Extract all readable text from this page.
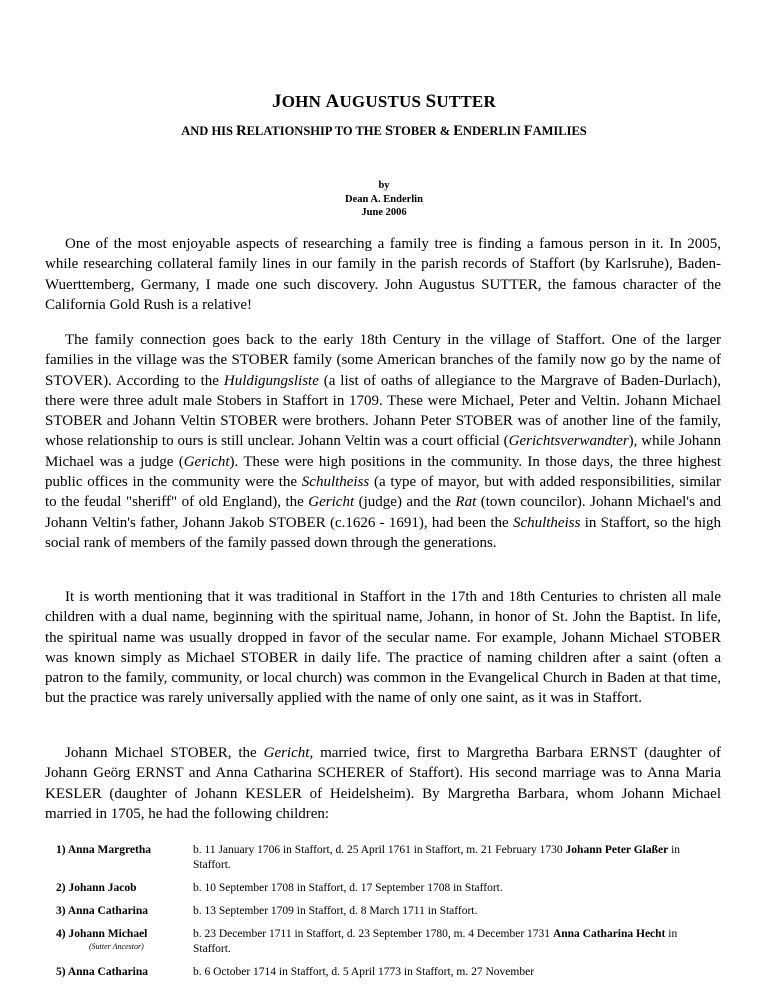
JOHN AUGUSTUS SUTTER
AND HIS RELATIONSHIP TO THE STOBER & ENDERLIN FAMILIES
by
Dean A. Enderlin
June 2006

One of the most enjoyable aspects of researching a family tree is finding a famous person in it. In 2005, while researching collateral family lines in our family in the parish records of Staffort (by Karlsruhe), Baden-Wuerttemberg, Germany, I made one such discovery. John Augustus SUTTER, the famous character of the California Gold Rush is a relative!

The family connection goes back to the early 18th Century in the village of Staffort. One of the larger families in the village was the STOBER family (some American branches of the family now go by the name of STOVER). According to the Huldigungsliste (a list of oaths of allegiance to the Margrave of Baden-Durlach), there were three adult male Stobers in Staffort in 1709. These were Michael, Peter and Veltin. Johann Michael STOBER and Johann Veltin STOBER were brothers. Johann Peter STOBER was of another line of the family, whose relationship to ours is still unclear. Johann Veltin was a court official (Gerichtsverwandter), while Johann Michael was a judge (Gericht). These were high positions in the community. In those days, the three highest public offices in the community were the Schultheiss (a type of mayor, but with added responsibilities, similar to the feudal "sheriff" of old England), the Gericht (judge) and the Rat (town councilor). Johann Michael's and Johann Veltin's father, Johann Jakob STOBER (c.1626 - 1691), had been the Schultheiss in Staffort, so the high social rank of members of the family passed down through the generations.

It is worth mentioning that it was traditional in Staffort in the 17th and 18th Centuries to christen all male children with a dual name, beginning with the spiritual name, Johann, in honor of St. John the Baptist. In life, the spiritual name was usually dropped in favor of the secular name. For example, Johann Michael STOBER was known simply as Michael STOBER in daily life. The practice of naming children after a saint (often a patron to the family, community, or local church) was common in the Evangelical Church in Baden at that time, but the practice was rarely universally applied with the name of only one saint, as it was in Staffort.

Johann Michael STOBER, the Gericht, married twice, first to Margretha Barbara ERNST (daughter of Johann Geörg ERNST and Anna Catharina SCHERER of Staffort). His second marriage was to Anna Maria KESLER (daughter of Johann KESLER of Heidelsheim). By Margretha Barbara, whom Johann Michael married in 1705, he had the following children:

1) Anna Margretha	b. 11 January 1706 in Staffort, d. 25 April 1761 in Staffort, m. 21 February 1730 Johann Peter Glaßer in Staffort.
2) Johann Jacob	b. 10 September 1708 in Staffort, d. 17 September 1708 in Staffort.
3) Anna Catharina	b. 13 September 1709 in Staffort, d. 8 March 1711 in Staffort.
4) Johann Michael
(Sutter Ancestor)	b. 23 December 1711 in Staffort, d. 23 September 1780, m. 4 December 1731 Anna Catharina Hecht in Staffort.
5) Anna Catharina	b. 6 October 1714 in Staffort, d. 5 April 1773 in Staffort, m. 27 November
